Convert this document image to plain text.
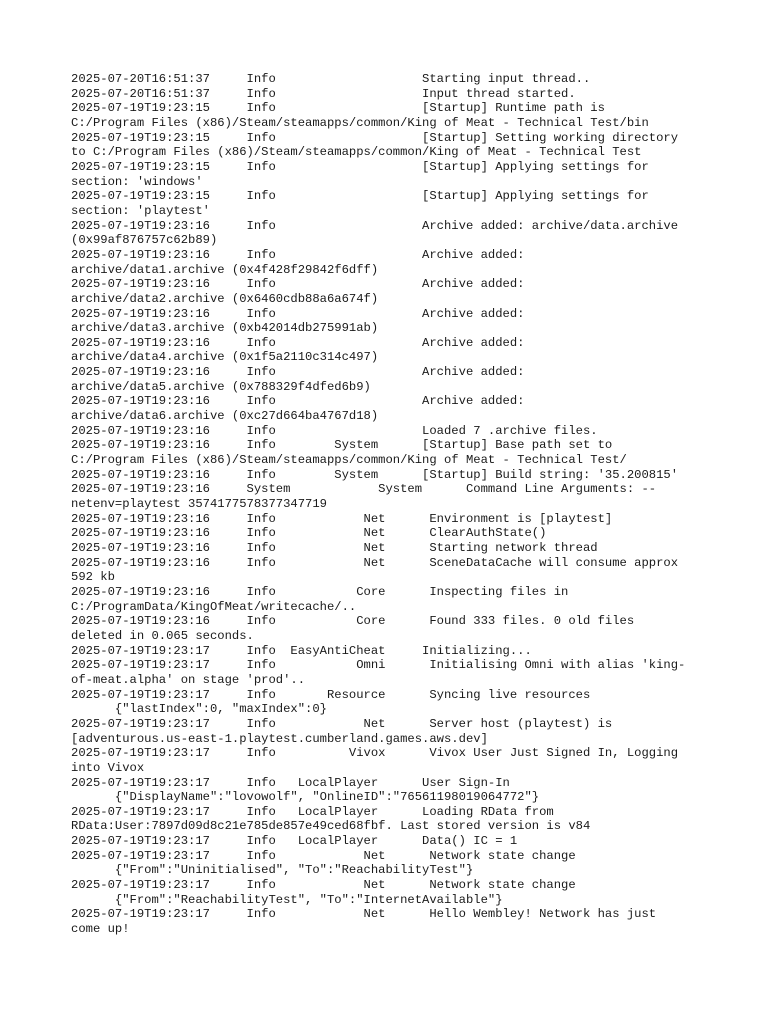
2025-07-20T16:51:37     Info                    Starting input thread..
2025-07-20T16:51:37     Info                    Input thread started.
2025-07-19T19:23:15     Info                    [Startup] Runtime path is
C:/Program Files (x86)/Steam/steamapps/common/King of Meat - Technical Test/bin
2025-07-19T19:23:15     Info                    [Startup] Setting working directory
to C:/Program Files (x86)/Steam/steamapps/common/King of Meat - Technical Test
2025-07-19T19:23:15     Info                    [Startup] Applying settings for
section: 'windows'
2025-07-19T19:23:15     Info                    [Startup] Applying settings for
section: 'playtest'
2025-07-19T19:23:16     Info                    Archive added: archive/data.archive
(0x99af876757c62b89)
2025-07-19T19:23:16     Info                    Archive added:
archive/data1.archive (0x4f428f29842f6dff)
2025-07-19T19:23:16     Info                    Archive added:
archive/data2.archive (0x6460cdb88a6a674f)
2025-07-19T19:23:16     Info                    Archive added:
archive/data3.archive (0xb42014db275991ab)
2025-07-19T19:23:16     Info                    Archive added:
archive/data4.archive (0x1f5a2110c314c497)
2025-07-19T19:23:16     Info                    Archive added:
archive/data5.archive (0x788329f4dfed6b9)
2025-07-19T19:23:16     Info                    Archive added:
archive/data6.archive (0xc27d664ba4767d18)
2025-07-19T19:23:16     Info                    Loaded 7 .archive files.
2025-07-19T19:23:16     Info        System      [Startup] Base path set to
C:/Program Files (x86)/Steam/steamapps/common/King of Meat - Technical Test/
2025-07-19T19:23:16     Info        System      [Startup] Build string: '35.200815'
2025-07-19T19:23:16     System            System      Command Line Arguments: --
netenv=playtest 3574177578377347719
2025-07-19T19:23:16     Info            Net      Environment is [playtest]
2025-07-19T19:23:16     Info            Net      ClearAuthState()
2025-07-19T19:23:16     Info            Net      Starting network thread
2025-07-19T19:23:16     Info            Net      SceneDataCache will consume approx
592 kb
2025-07-19T19:23:16     Info           Core      Inspecting files in
C:/ProgramData/KingOfMeat/writecache/..
2025-07-19T19:23:16     Info           Core      Found 333 files. 0 old files
deleted in 0.065 seconds.
2025-07-19T19:23:17     Info  EasyAntiCheat     Initializing...
2025-07-19T19:23:17     Info           Omni      Initialising Omni with alias 'king-
of-meat.alpha' on stage 'prod'..
2025-07-19T19:23:17     Info       Resource      Syncing live resources
{"lastIndex":0, "maxIndex":0}
2025-07-19T19:23:17     Info            Net      Server host (playtest) is
[adventurous.us-east-1.playtest.cumberland.games.aws.dev]
2025-07-19T19:23:17     Info          Vivox      Vivox User Just Signed In, Logging
into Vivox
2025-07-19T19:23:17     Info   LocalPlayer      User Sign-In
{"DisplayName":"lovowolf", "OnlineID":"76561198019064772"}
2025-07-19T19:23:17     Info   LocalPlayer      Loading RData from
RData:User:7897d09d8c21e785de857e49ced68fbf. Last stored version is v84
2025-07-19T19:23:17     Info   LocalPlayer      Data() IC = 1
2025-07-19T19:23:17     Info            Net      Network state change
{"From":"Uninitialised", "To":"ReachabilityTest"}
2025-07-19T19:23:17     Info            Net      Network state change
{"From":"ReachabilityTest", "To":"InternetAvailable"}
2025-07-19T19:23:17     Info            Net      Hello Wembley! Network has just
come up!
